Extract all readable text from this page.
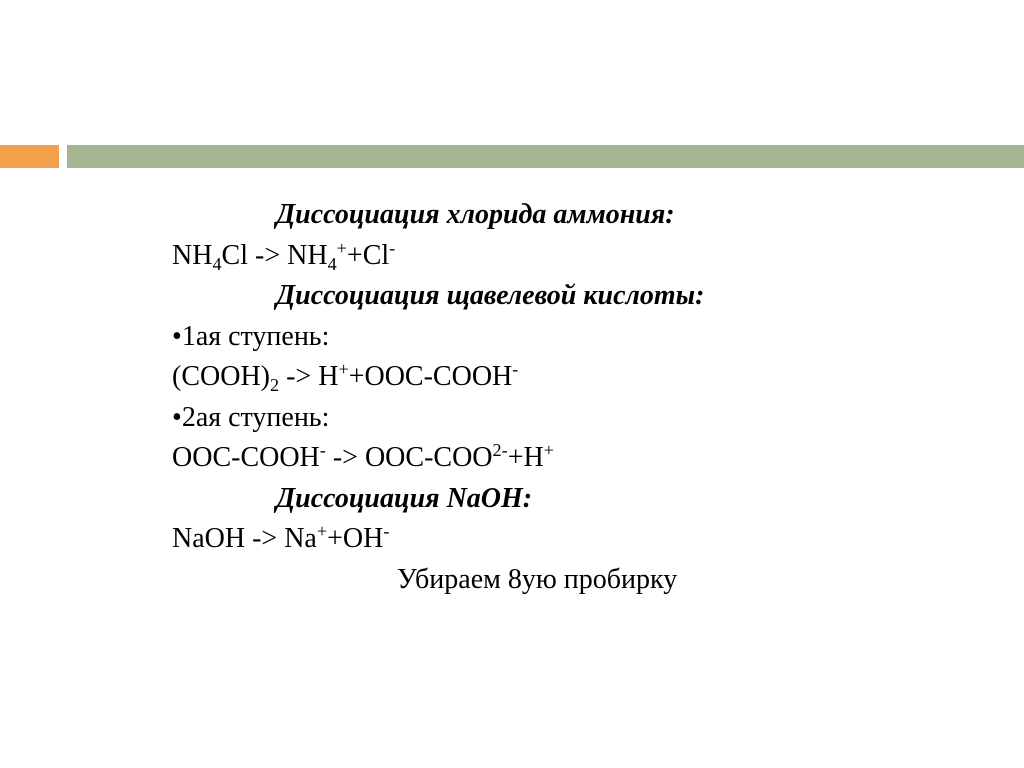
Диссоциация хлорида аммония:

$NH_4Cl -> NH_4^++Cl^-$

Диссоциация щавелевой кислоты:

• 1ая ступень:

$(COOH)_2$ -> H++OOC-COOH-

• 2ая ступень:

OOC-COOH- -> OOC-$COO^{2-}+H^+$

Диссоциация NaOH:

NaOH -> Na++OH-

Убираем 8ую пробирку
